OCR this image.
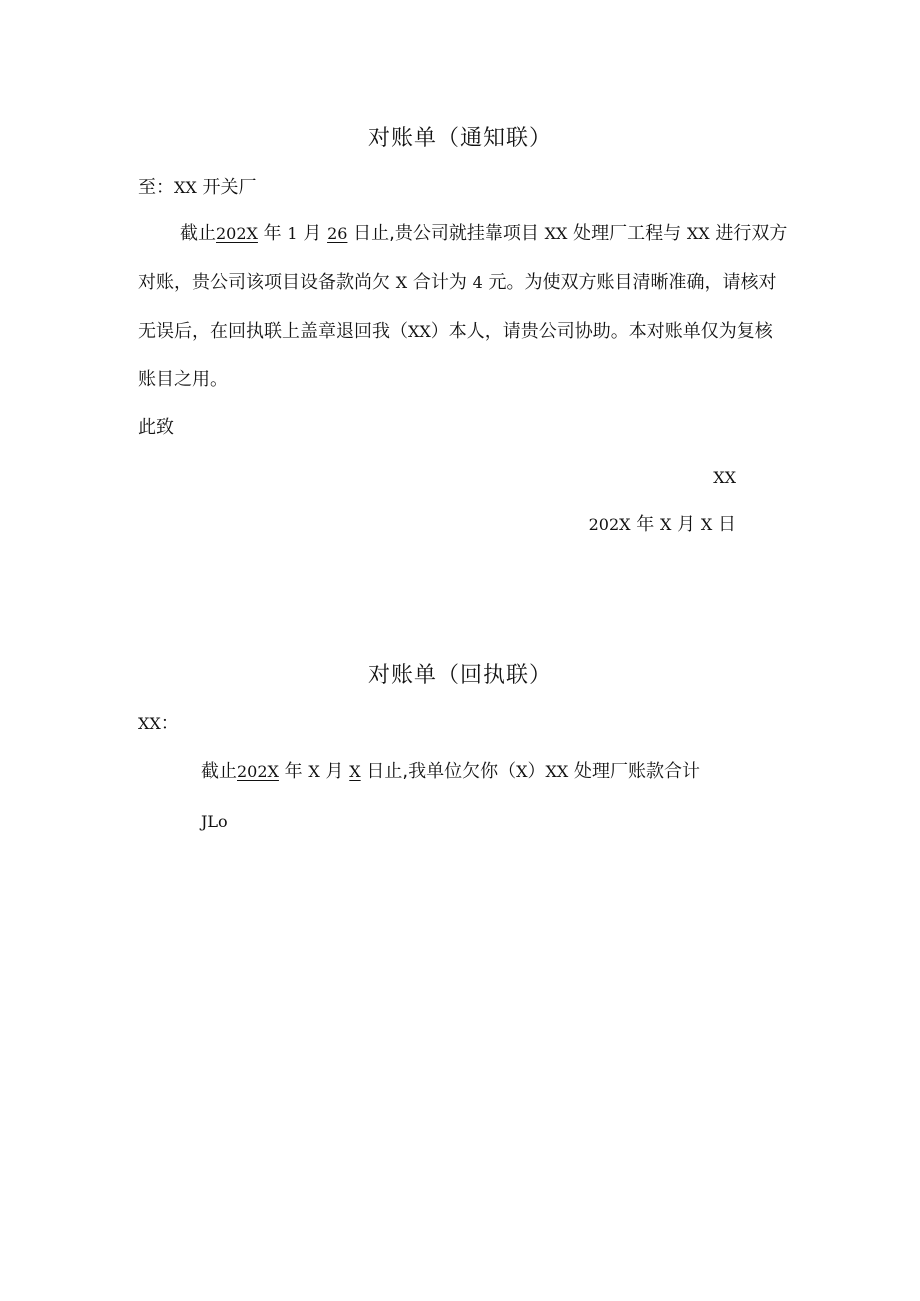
对账单（通知联）
至：XX 开关厂
截止202X 年 1 月 26 日止,贵公司就挂靠项目 XX 处理厂工程与 XX 进行双方
对账，贵公司该项目设备款尚欠 X 合计为 4 元。为使双方账目清晰准确，请核对
无误后，在回执联上盖章退回我（XX）本人，请贵公司协助。本对账单仅为复核
账目之用。
此致
XX
202X 年 X 月 X 日
对账单（回执联）
XX：
截止202X 年 X 月 X 日止,我单位欠你（X）XX 处理厂账款合计
JLo
